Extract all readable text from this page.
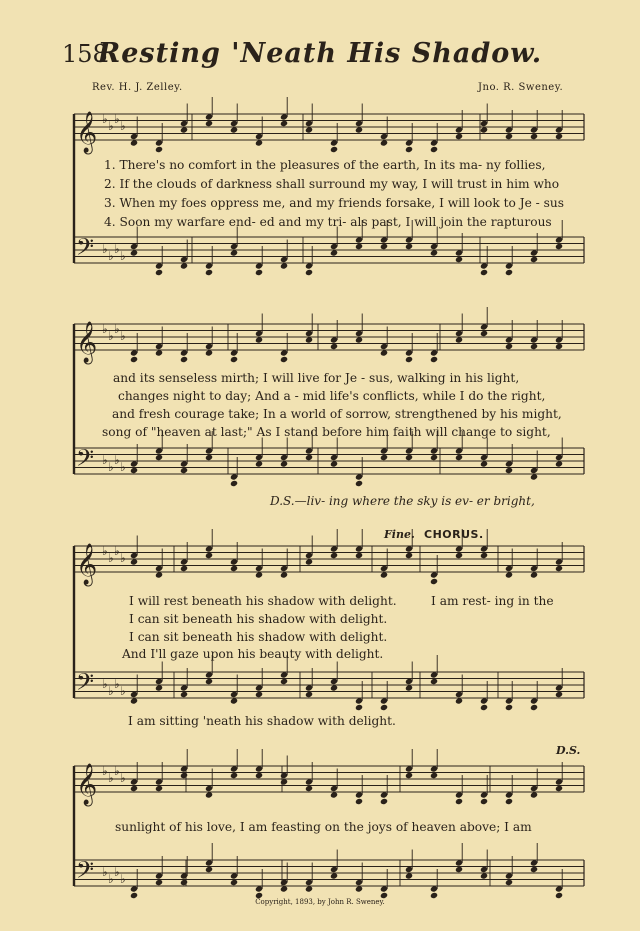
158
Resting 'Neath His Shadow.
Rev. H. J. Zelley.	Jno. R. Sweney.
𝄞
𝄢
♭
♭
♭
♭
♭
♭
♭
♭
𝄞
𝄢
♭
♭
♭
♭
♭
♭
♭
♭
𝄞
𝄢
♭
♭
♭
♭
♭
♭
♭
♭
𝄞
𝄢
♭
♭
♭
♭
♭
♭
♭
♭
1. There's no comfort in the pleasures of the earth, In its ma- ny follies,
2. If the clouds of darkness shall surround my way, I will trust in him who
3. When my foes oppress me, and my friends forsake, I will look to Je - sus
4. Soon my warfare end- ed and my tri- als past, I will join the rapturous
and its senseless mirth; I will live for Je - sus, walking in his light,
changes night to day; And a - mid life's conflicts, while I do the right,
and fresh courage take; In a world of sorrow, strengthened by his might,
song of "heaven at last;" As I stand before him faith will change to sight,
D.S.—liv- ing where the sky is ev- er bright,
Fine. CHORUS.
I will rest beneath his shadow with delight.	I am rest- ing in the
I can sit beneath his shadow with delight.
I can sit beneath his shadow with delight.
And I'll gaze upon his beauty with delight.
I am sitting 'neath his shadow with delight.
D.S.
sunlight of his love, I am feasting on the joys of heaven above; I am
Copyright, 1893, by John R. Sweney.
